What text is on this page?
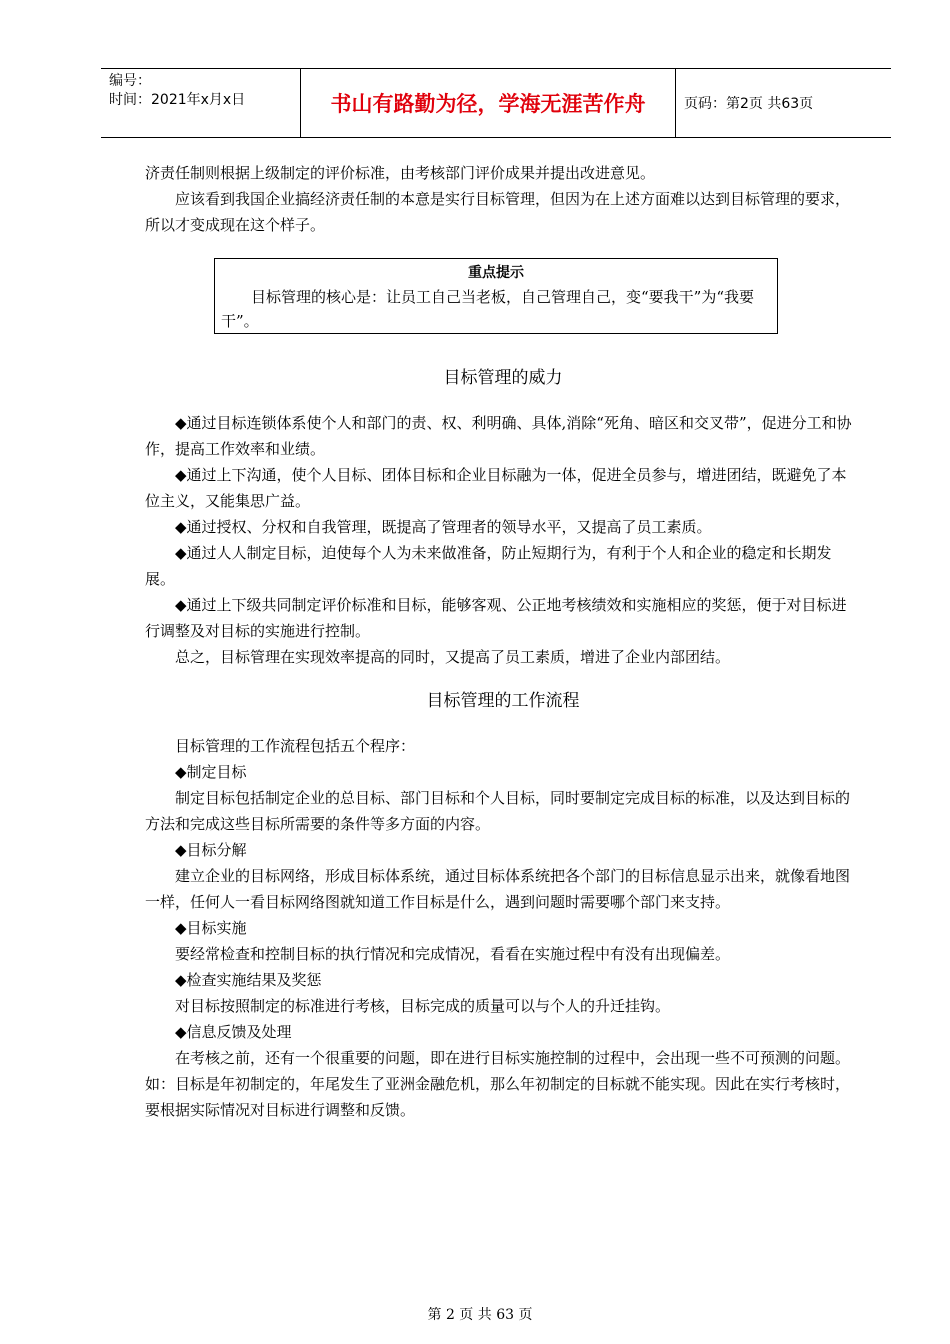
编号：
时间：2021年x月x日	书山有路勤为径，学海无涯苦作舟	页码：第2页 共63页

济责任制则根据上级制定的评价标准，由考核部门评价成果并提出改进意见。

应该看到我国企业搞经济责任制的本意是实行目标管理，但因为在上述方面难以达到目标管理的要求，所以才变成现在这个样子。

重点提示
目标管理的核心是：让员工自己当老板，自己管理自己，变“要我干”为“我要干”。
目标管理的威力

◆通过目标连锁体系使个人和部门的责、权、利明确、具体,消除“死角、暗区和交叉带”，促进分工和协作，提高工作效率和业绩。

◆通过上下沟通，使个人目标、团体目标和企业目标融为一体，促进全员参与，增进团结，既避免了本位主义，又能集思广益。

◆通过授权、分权和自我管理，既提高了管理者的领导水平，又提高了员工素质。

◆通过人人制定目标，迫使每个人为未来做准备，防止短期行为，有利于个人和企业的稳定和长期发展。

◆通过上下级共同制定评价标准和目标，能够客观、公正地考核绩效和实施相应的奖惩，便于对目标进行调整及对目标的实施进行控制。

总之，目标管理在实现效率提高的同时，又提高了员工素质，增进了企业内部团结。

目标管理的工作流程

目标管理的工作流程包括五个程序：

◆制定目标

制定目标包括制定企业的总目标、部门目标和个人目标，同时要制定完成目标的标准，以及达到目标的方法和完成这些目标所需要的条件等多方面的内容。

◆目标分解

建立企业的目标网络，形成目标体系统，通过目标体系统把各个部门的目标信息显示出来，就像看地图一样，任何人一看目标网络图就知道工作目标是什么，遇到问题时需要哪个部门来支持。

◆目标实施

要经常检查和控制目标的执行情况和完成情况，看看在实施过程中有没有出现偏差。

◆检查实施结果及奖惩

对目标按照制定的标准进行考核，目标完成的质量可以与个人的升迁挂钩。

◆信息反馈及处理

在考核之前，还有一个很重要的问题，即在进行目标实施控制的过程中，会出现一些不可预测的问题。如：目标是年初制定的，年尾发生了亚洲金融危机，那么年初制定的目标就不能实现。因此在实行考核时，要根据实际情况对目标进行调整和反馈。

第 2 页 共 63 页
